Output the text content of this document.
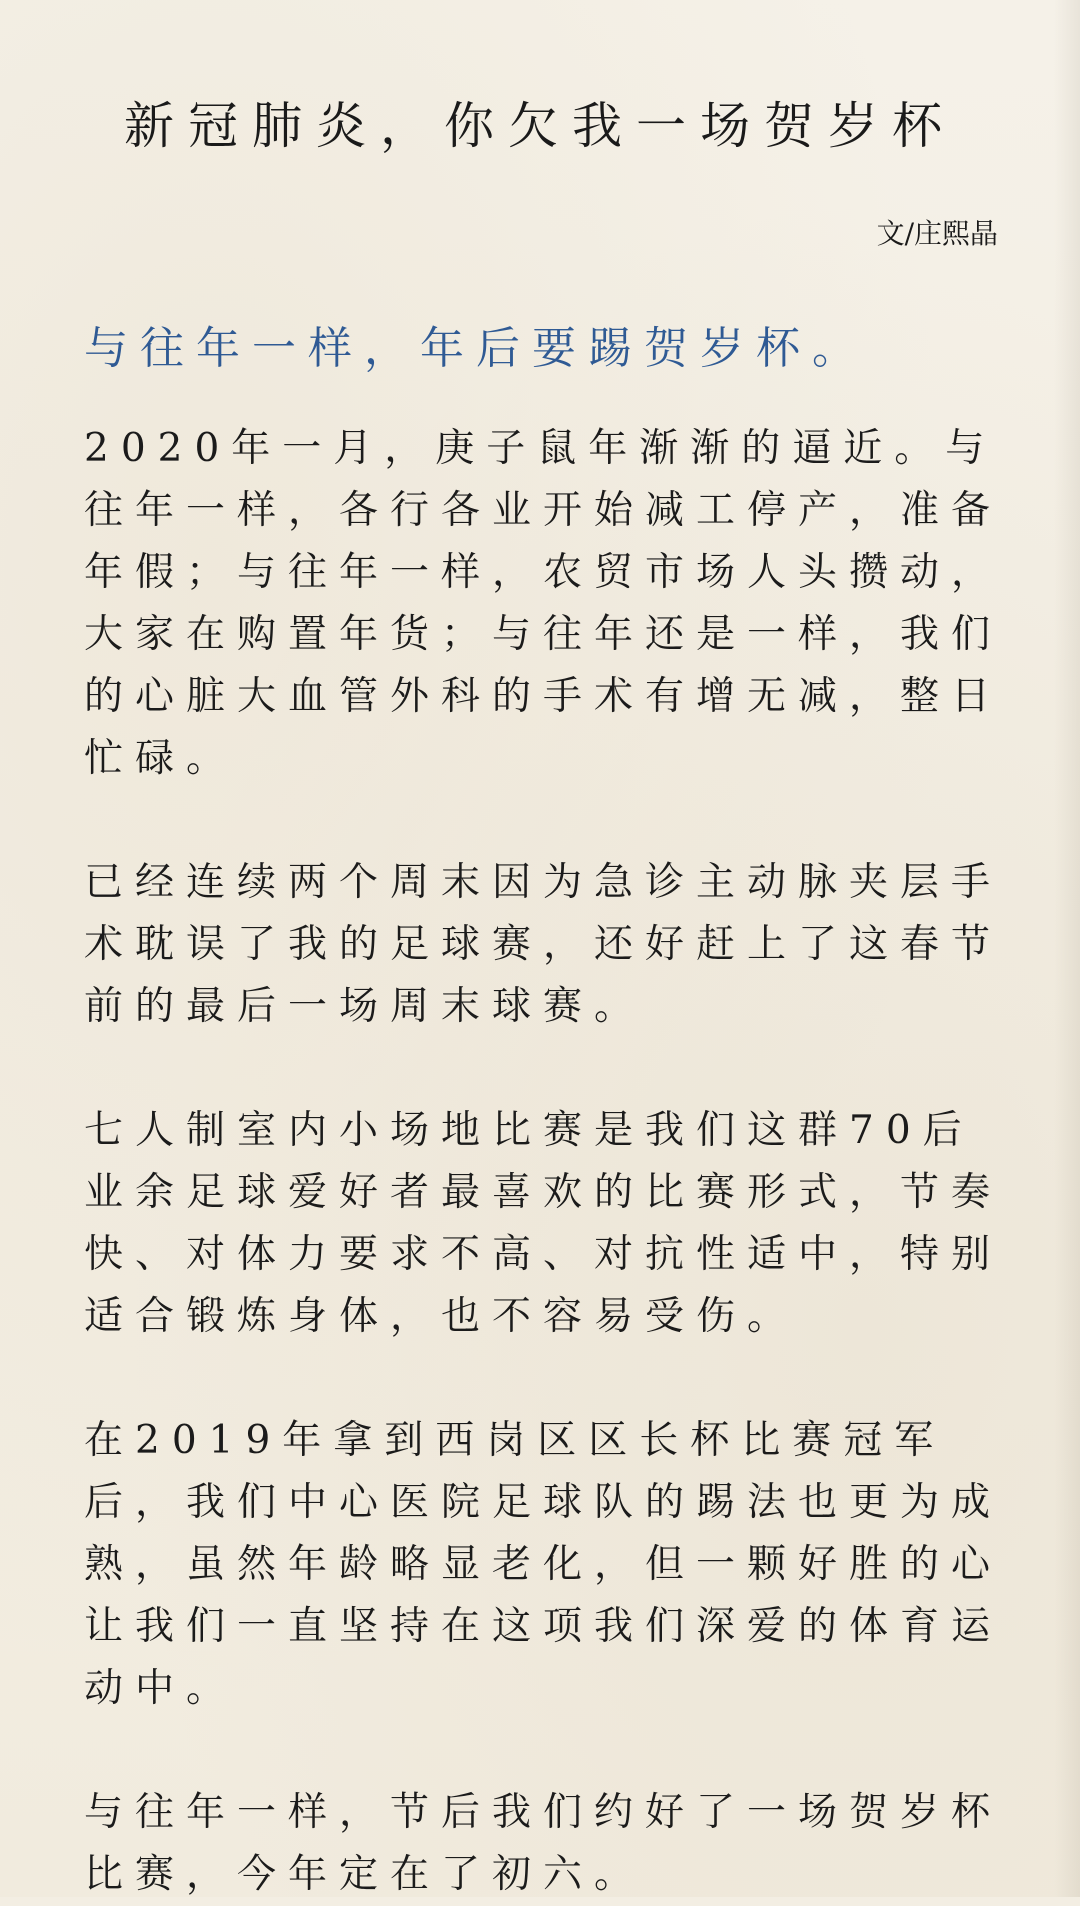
新冠肺炎，你欠我一场贺岁杯
文/庄熙晶
与往年一样，年后要踢贺岁杯。

2020年一月，庚子鼠年渐渐的逼近。与往年一样，各行各业开始减工停产，准备年假；与往年一样，农贸市场人头攒动，大家在购置年货；与往年还是一样，我们的心脏大血管外科的手术有增无减，整日忙碌。

已经连续两个周末因为急诊主动脉夹层手术耽误了我的足球赛，还好赶上了这春节前的最后一场周末球赛。

七人制室内小场地比赛是我们这群70后业余足球爱好者最喜欢的比赛形式，节奏快、对体力要求不高、对抗性适中，特别适合锻炼身体，也不容易受伤。

在2019年拿到西岗区区长杯比赛冠军后，我们中心医院足球队的踢法也更为成熟，虽然年龄略显老化，但一颗好胜的心让我们一直坚持在这项我们深爱的体育运动中。

与往年一样，节后我们约好了一场贺岁杯比赛，今年定在了初六。
